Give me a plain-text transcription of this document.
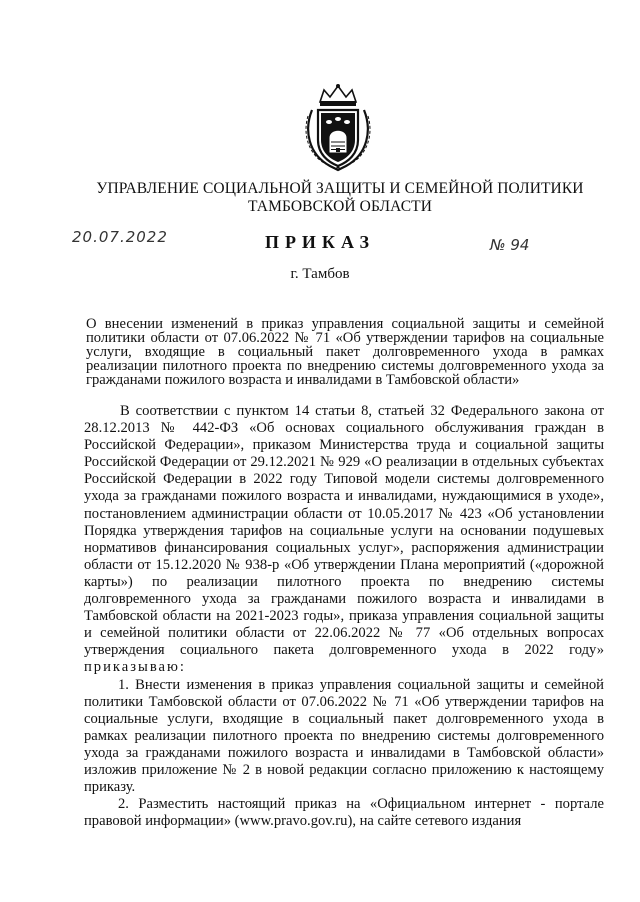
УПРАВЛЕНИЕ СОЦИАЛЬНОЙ ЗАЩИТЫ И СЕМЕЙНОЙ ПОЛИТИКИ
ТАМБОВСКОЙ ОБЛАСТИ
20.07.2022	ПРИКАЗ	№ 94
г. Тамбов
О внесении изменений в приказ управления социальной защиты и семейной политики области от 07.06.2022 № 71 «Об утверждении тарифов на социальные услуги, входящие в социальный пакет долговременного ухода в рамках реализации пилотного проекта по внедрению системы долговременного ухода за гражданами пожилого возраста и инвалидами в Тамбовской области»

В соответствии с пунктом 14 статьи 8, статьей 32 Федерального закона от 28.12.2013 № 442-ФЗ «Об основах социального обслуживания граждан в Российской Федерации», приказом Министерства труда и социальной защиты Российской Федерации от 29.12.2021 № 929 «О реализации в отдельных субъектах Российской Федерации в 2022 году Типовой модели системы долговременного ухода за гражданами пожилого возраста и инвалидами, нуждающимися в уходе», постановлением администрации области от 10.05.2017 № 423 «Об установлении Порядка утверждения тарифов на социальные услуги на основании подушевых нормативов финансирования социальных услуг», распоряжения администрации области от 15.12.2020 № 938-р «Об утверждении Плана мероприятий («дорожной карты») по реализации пилотного проекта по внедрению системы долговременного ухода за гражданами пожилого возраста и инвалидами в Тамбовской области на 2021-2023 годы», приказа управления социальной защиты и семейной политики области от 22.06.2022 № 77 «Об отдельных вопросах утверждения социального пакета долговременного ухода в 2022 году» приказываю:

1. Внести изменения в приказ управления социальной защиты и семейной политики Тамбовской области от 07.06.2022 № 71 «Об утверждении тарифов на социальные услуги, входящие в социальный пакет долговременного ухода в рамках реализации пилотного проекта по внедрению системы долговременного ухода за гражданами пожилого возраста и инвалидами в Тамбовской области» изложив приложение № 2 в новой редакции согласно приложению к настоящему приказу.

2. Разместить настоящий приказ на «Официальном интернет - портале правовой информации» (www.pravo.gov.ru), на сайте сетевого издания
